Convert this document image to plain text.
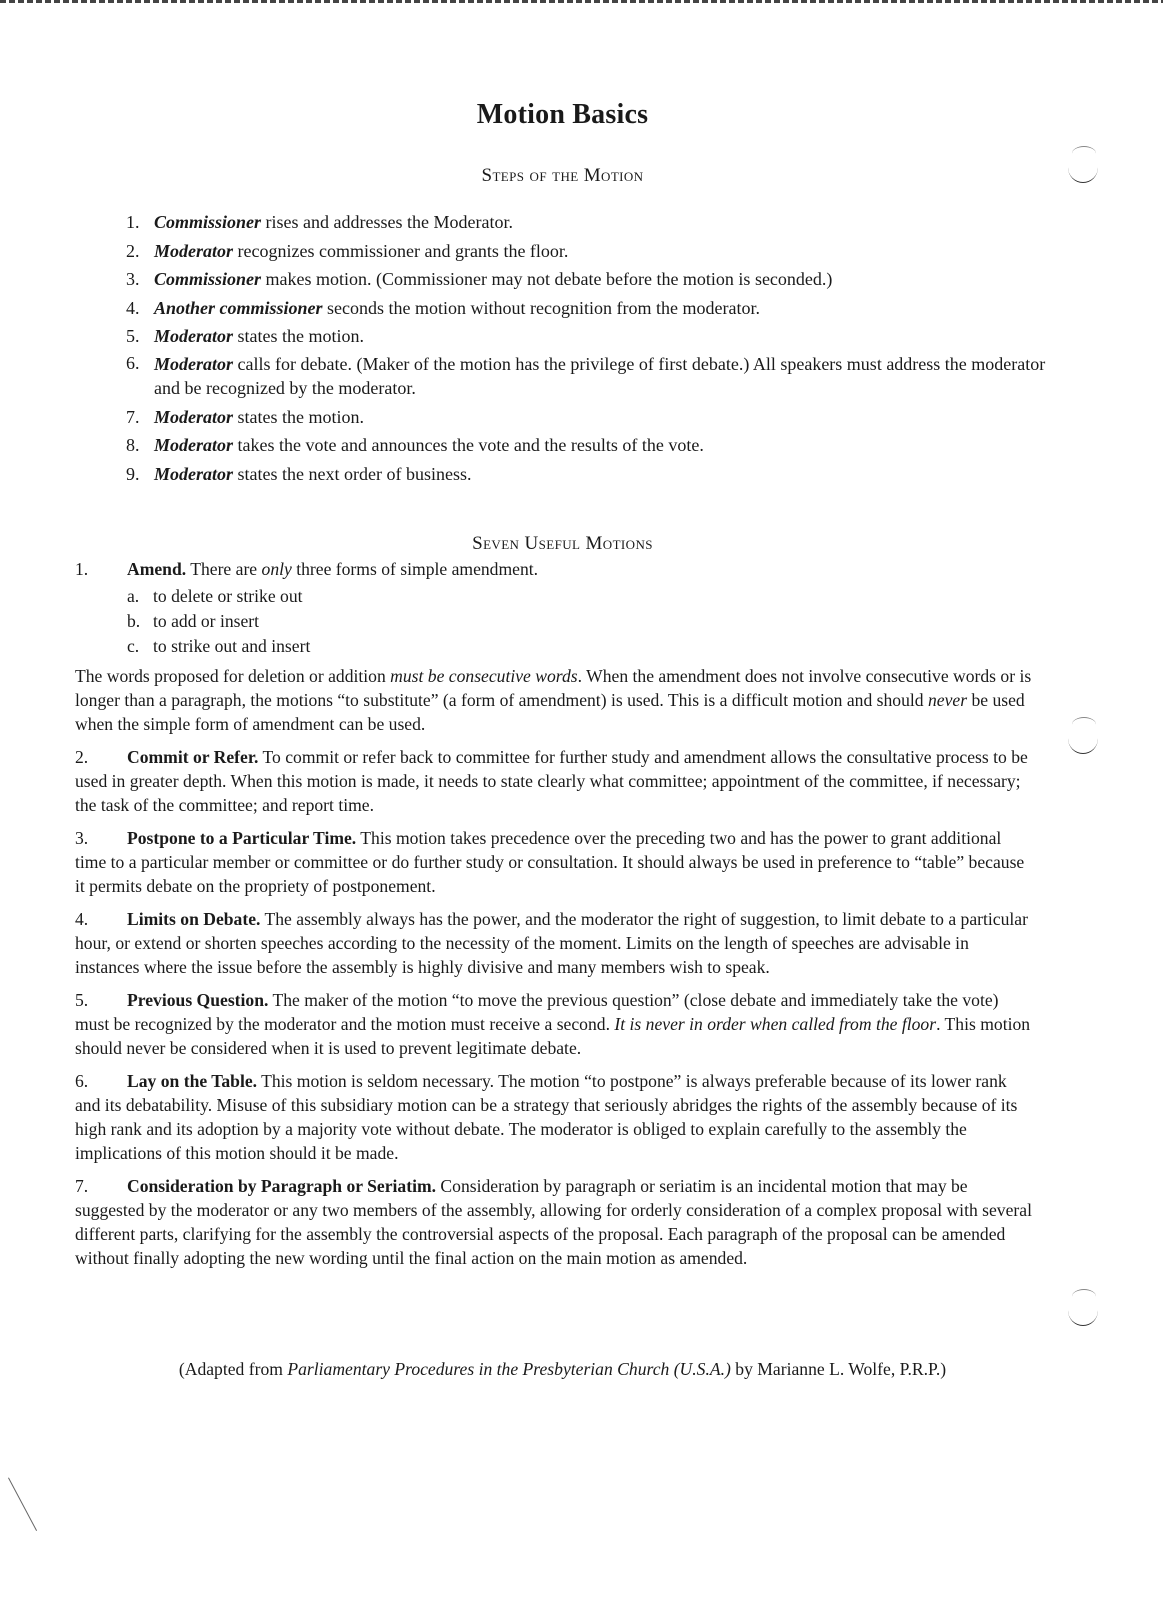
Motion Basics
Steps of the Motion
1. Commissioner rises and addresses the Moderator.
2. Moderator recognizes commissioner and grants the floor.
3. Commissioner makes motion. (Commissioner may not debate before the motion is seconded.)
4. Another commissioner seconds the motion without recognition from the moderator.
5. Moderator states the motion.
6. Moderator calls for debate. (Maker of the motion has the privilege of first debate.) All speakers must address the moderator and be recognized by the moderator.
7. Moderator states the motion.
8. Moderator takes the vote and announces the vote and the results of the vote.
9. Moderator states the next order of business.
Seven Useful Motions
1. Amend. There are only three forms of simple amendment.
a. to delete or strike out
b. to add or insert
c. to strike out and insert

The words proposed for deletion or addition must be consecutive words. When the amendment does not involve consecutive words or is longer than a paragraph, the motions “to substitute” (a form of amendment) is used. This is a difficult motion and should never be used when the simple form of amendment can be used.

2. Commit or Refer. To commit or refer back to committee for further study and amendment allows the consultative process to be used in greater depth. When this motion is made, it needs to state clearly what committee; appointment of the committee, if necessary; the task of the committee; and report time.

3. Postpone to a Particular Time. This motion takes precedence over the preceding two and has the power to grant additional time to a particular member or committee or do further study or consultation. It should always be used in preference to “table” because it permits debate on the propriety of postponement.

4. Limits on Debate. The assembly always has the power, and the moderator the right of suggestion, to limit debate to a particular hour, or extend or shorten speeches according to the necessity of the moment. Limits on the length of speeches are advisable in instances where the issue before the assembly is highly divisive and many members wish to speak.

5. Previous Question. The maker of the motion “to move the previous question” (close debate and immediately take the vote) must be recognized by the moderator and the motion must receive a second. It is never in order when called from the floor. This motion should never be considered when it is used to prevent legitimate debate.

6. Lay on the Table. This motion is seldom necessary. The motion “to postpone” is always preferable because of its lower rank and its debatability. Misuse of this subsidiary motion can be a strategy that seriously abridges the rights of the assembly because of its high rank and its adoption by a majority vote without debate. The moderator is obliged to explain carefully to the assembly the implications of this motion should it be made.

7. Consideration by Paragraph or Seriatim. Consideration by paragraph or seriatim is an incidental motion that may be suggested by the moderator or any two members of the assembly, allowing for orderly consideration of a complex proposal with several different parts, clarifying for the assembly the controversial aspects of the proposal. Each paragraph of the proposal can be amended without finally adopting the new wording until the final action on the main motion as amended.

(Adapted from Parliamentary Procedures in the Presbyterian Church (U.S.A.) by Marianne L. Wolfe, P.R.P.)
